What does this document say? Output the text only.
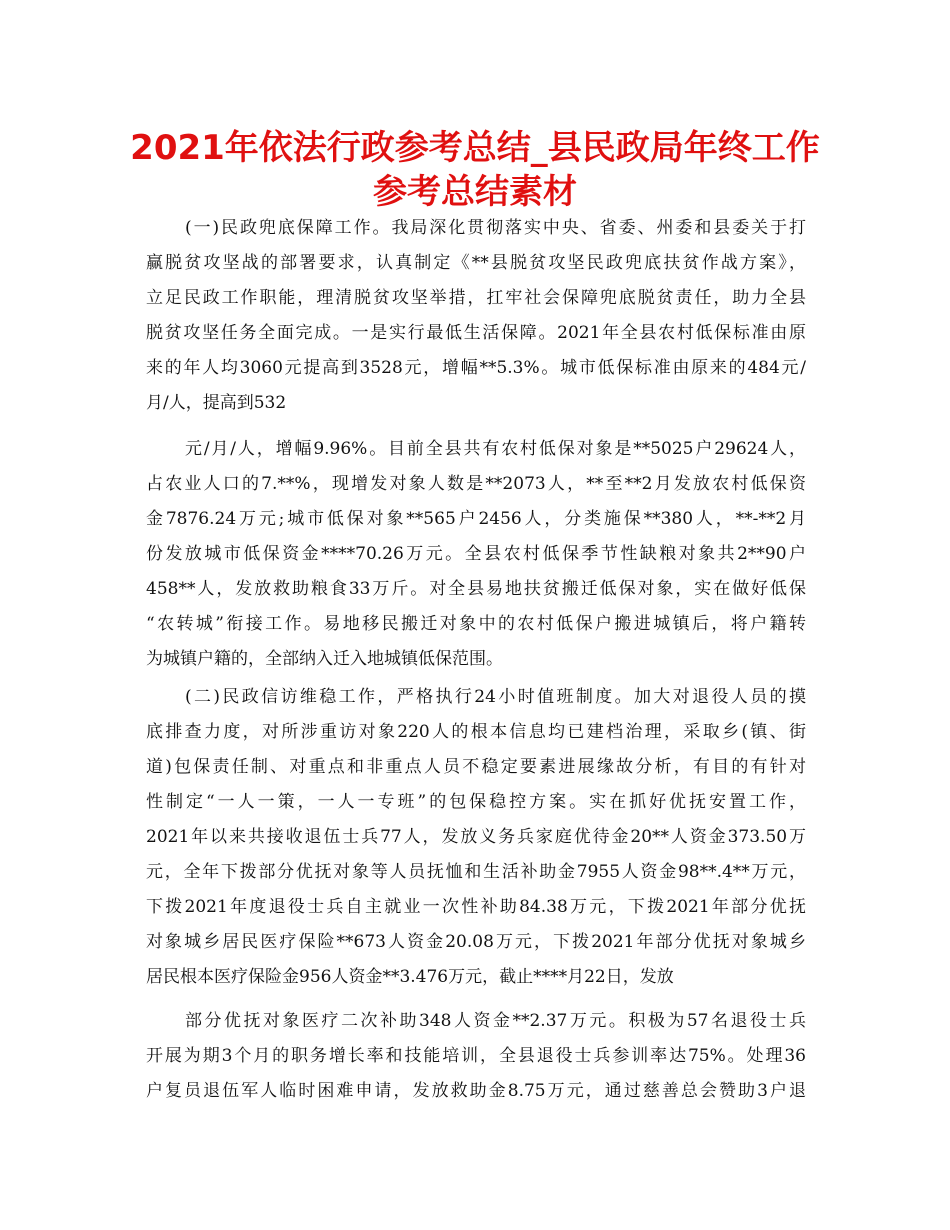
2021年依法行政参考总结_县民政局年终工作
参考总结素材
(一)民政兜底保障工作。我局深化贯彻落实中央、省委、州委和县委关于打
赢脱贫攻坚战的部署要求，认真制定《**县脱贫攻坚民政兜底扶贫作战方案》，
立足民政工作职能，理清脱贫攻坚举措，扛牢社会保障兜底脱贫责任，助力全县
脱贫攻坚任务全面完成。一是实行最低生活保障。2021年全县农村低保标准由原
来的年人均3060元提高到3528元，增幅**5.3%。城市低保标准由原来的484元/
月/人，提高到532
元/月/人，增幅9.96%。目前全县共有农村低保对象是**5025户29624人，
占农业人口的7.**%，现增发对象人数是**2073人，**至**2月发放农村低保资
金7876.24万元;城市低保对象**565户2456人，分类施保**380人，**-**2月
份发放城市低保资金****70.26万元。全县农村低保季节性缺粮对象共2**90户
458**人，发放救助粮食33万斤。对全县易地扶贫搬迁低保对象，实在做好低保
“农转城”衔接工作。易地移民搬迁对象中的农村低保户搬进城镇后，将户籍转
为城镇户籍的，全部纳入迁入地城镇低保范围。
(二)民政信访维稳工作，严格执行24小时值班制度。加大对退役人员的摸
底排查力度，对所涉重访对象220人的根本信息均已建档治理，采取乡(镇、街
道)包保责任制、对重点和非重点人员不稳定要素进展缘故分析，有目的有针对
性制定“一人一策，一人一专班”的包保稳控方案。实在抓好优抚安置工作，
2021年以来共接收退伍士兵77人，发放义务兵家庭优待金20**人资金373.50万
元，全年下拨部分优抚对象等人员抚恤和生活补助金7955人资金98**.4**万元，
下拨2021年度退役士兵自主就业一次性补助84.38万元，下拨2021年部分优抚
对象城乡居民医疗保险**673人资金20.08万元，下拨2021年部分优抚对象城乡
居民根本医疗保险金956人资金**3.476万元，截止****月22日，发放
部分优抚对象医疗二次补助348人资金**2.37万元。积极为57名退役士兵
开展为期3个月的职务增长率和技能培训，全县退役士兵参训率达75%。处理36
户复员退伍军人临时困难申请，发放救助金8.75万元，通过慈善总会赞助3户退
